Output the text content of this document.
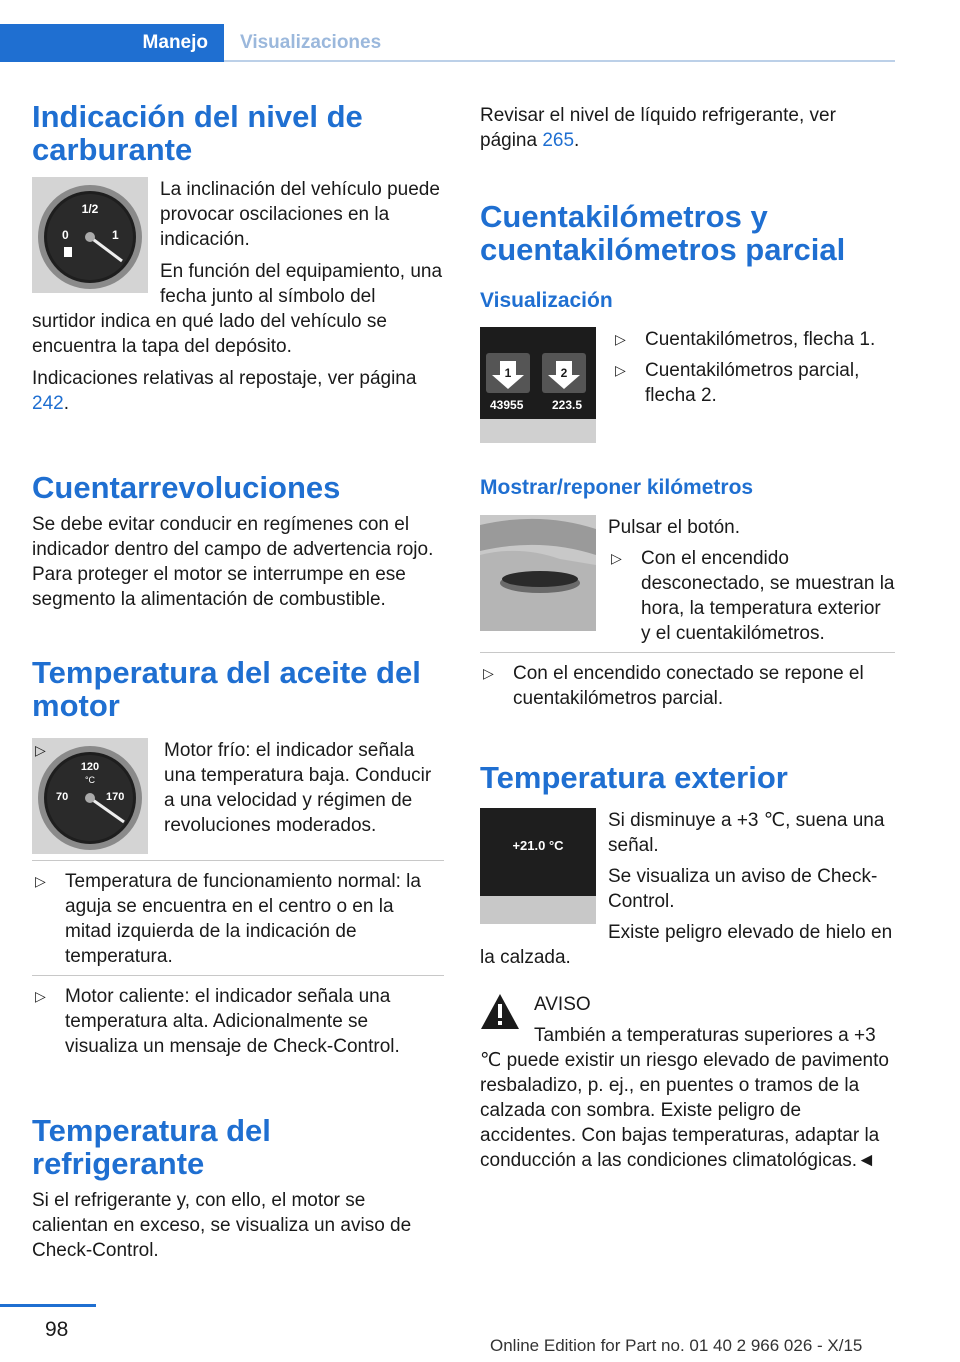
Manejo	Visualizaciones
Indicación del nivel de carburante
1/2
0	1

La inclinación del vehículo puede provocar oscilaciones en la indicación.

En función del equipamiento, una fecha junto al símbolo del surtidor indica en qué lado del vehículo se encuentra la tapa del depósito.

Indicaciones relativas al repostaje, ver página 242.

Cuentarrevoluciones

Se debe evitar conducir en regímenes con el indicador dentro del campo de advertencia rojo. Para proteger el motor se interrumpe en ese segmento la alimentación de combustible.

Temperatura del aceite del motor
120
°C
70	170
▷	Motor frío: el indicador señala una temperatura baja. Conducir a una velocidad y régimen de revoluciones moderados.
▷ Temperatura de funcionamiento normal: la aguja se encuentra en el centro o en la mitad izquierda de la indicación de temperatura.
▷ Motor caliente: el indicador señala una temperatura alta. Adicionalmente se visualiza un mensaje de Check-Control.
Temperatura del refrigerante

Si el refrigerante y, con ello, el motor se calientan en exceso, se visualiza un aviso de Check-Control.

Revisar el nivel de líquido refrigerante, ver página 265.

Cuentakilómetros y cuentakilómetros parcial
Visualización
1	2
43955 223.5
▷ Cuentakilómetros, flecha 1.
▷ Cuentakilómetros parcial, flecha 2.
Mostrar/reponer kilómetros

Pulsar el botón.

▷ Con el encendido desconectado, se muestran la hora, la temperatura exterior y el cuentakilómetros.
▷ Con el encendido conectado se repone el cuentakilómetros parcial.
Temperatura exterior
+21.0 °C

Si disminuye a +3 ℃, suena una señal.

Se visualiza un aviso de Check-Control.

Existe peligro elevado de hielo en la calzada.

AVISO

También a temperaturas superiores a +3 ℃ puede existir un riesgo elevado de pavimento resbaladizo, p. ej., en puentes o tramos de la calzada con sombra. Existe peligro de accidentes. Con bajas temperaturas, adaptar la conducción a las condiciones climatológicas.◄

98
Online Edition for Part no. 01 40 2 966 026 - X/15
